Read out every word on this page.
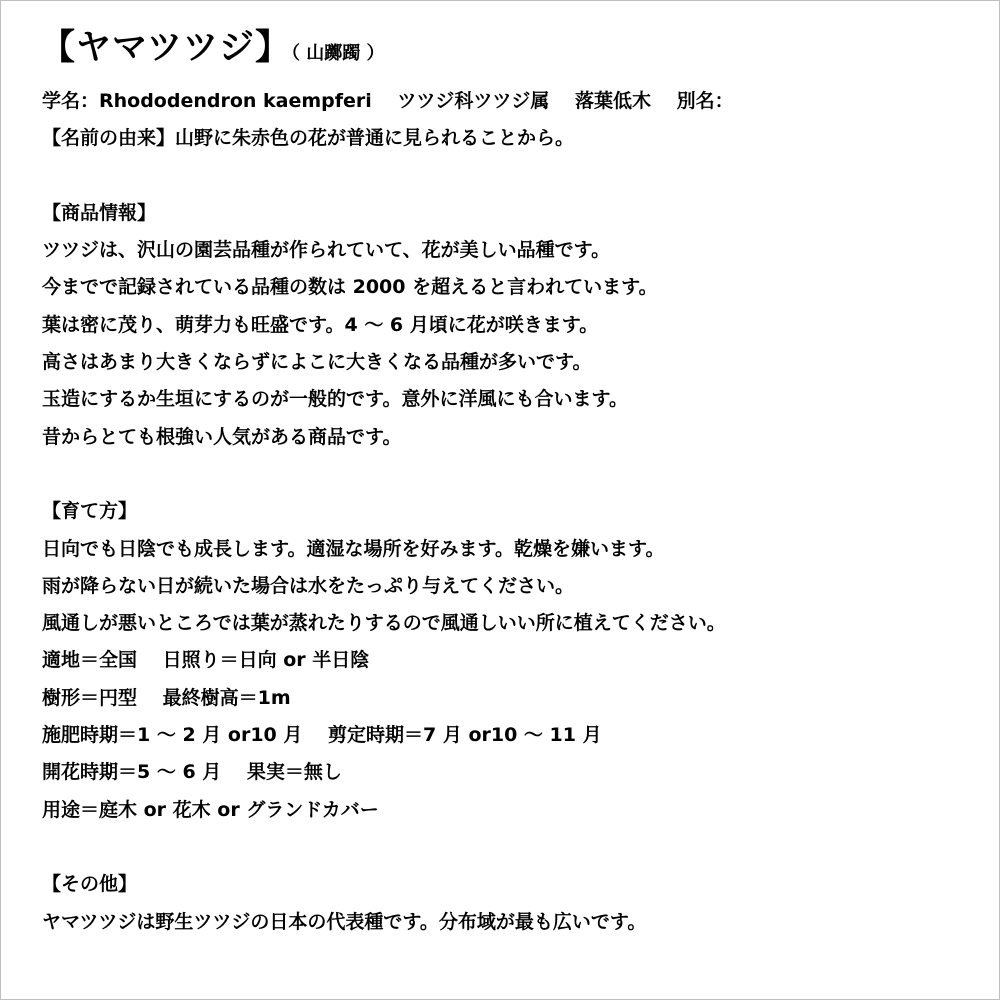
【ヤマツツジ】（ 山躑躅 ）
学名：Rhododendron kaempferi　 ツツジ科ツツジ属　 落葉低木　 別名：
【名前の由来】山野に朱赤色の花が普通に見られることから。
【商品情報】
ツツジは、沢山の園芸品種が作られていて、花が美しい品種です。
今までで記録されている品種の数は 2000 を超えると言われています。
葉は密に茂り、萌芽力も旺盛です。4 ～ 6 月頃に花が咲きます。
高さはあまり大きくならずによこに大きくなる品種が多いです。
玉造にするか生垣にするのが一般的です。意外に洋風にも合います。
昔からとても根強い人気がある商品です。
【育て方】
日向でも日陰でも成長します。適湿な場所を好みます。乾燥を嫌います。
雨が降らない日が続いた場合は水をたっぷり与えてください。
風通しが悪いところでは葉が蒸れたりするので風通しいい所に植えてください。
適地＝全国　 日照り＝日向 or 半日陰
樹形＝円型　 最終樹高＝1m
施肥時期＝1 ～ 2 月 or10 月　 剪定時期＝7 月 or10 ～ 11 月
開花時期＝5 ～ 6 月　 果実＝無し
用途＝庭木 or 花木 or グランドカバー
【その他】
ヤマツツジは野生ツツジの日本の代表種です。分布域が最も広いです。
